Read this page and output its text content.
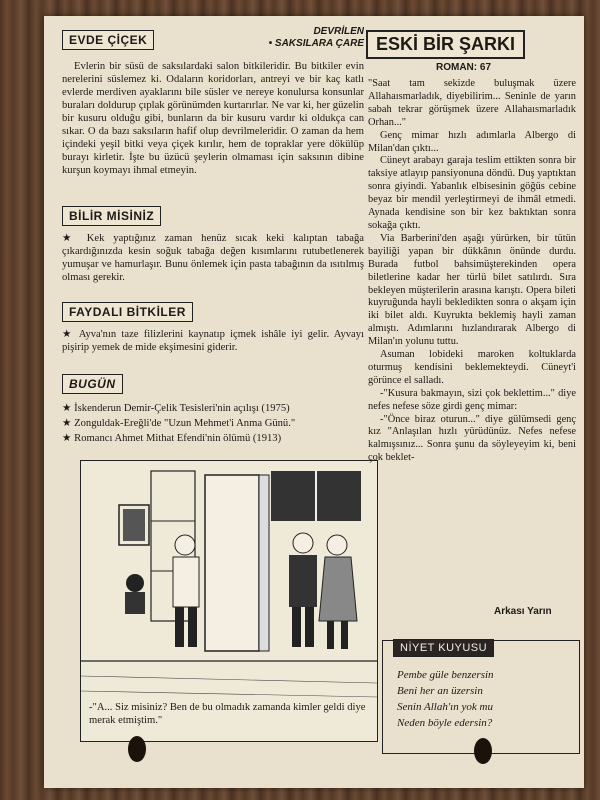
EVDE ÇİÇEK
DEVRİLEN
• SAKSILARA ÇARE
Evlerin bir süsü de saksılardaki salon bitkileridir. Bu bitkiler evin nerelerini süslemez ki. Odaların koridorları, antreyi ve bir kaç katlı evlerde merdiven ayaklarını bile süsler ve nereye konulursa konsunlar buraları doldurup çıplak görünümden kurtarırlar. Ne var ki, her güzelin bir kusuru olduğu gibi, bunların da bir kusuru vardır ki oldukça can sıkar. O da bazı saksıların hafif olup devrilmeleridir. O zaman da hem içindeki yeşil bitki veya çiçek kırılır, hem de topraklar yere dökülüp burayı kirletir. İşte bu üzücü şeylerin olmaması için saksının dibine kurşun koymayı ihmal etmeyin.
BİLİR MİSİNİZ
★ Kek yaptığınız zaman henüz sıcak keki kalıptan tabağa çıkardığınızda kesin soğuk tabağa değen kısımlarını rutubetlenerek yumuşar ve hamurlaşır. Bunu önlemek için pasta tabağının da ısıtılmış olması gerekir.
FAYDALI BİTKİLER
★ Ayva'nın taze filizlerini kaynatıp içmek ishâle iyi gelir. Ayvayı pişirip yemek de mide ekşimesini giderir.
BUGÜN
★ İskenderun Demir-Çelik Tesisleri'nin açılışı (1975)
★ Zonguldak-Ereğli'de "Uzun Mehmet'i Anma Günü."
★ Romancı Ahmet Mithat Efendi'nin ölümü (1913)
-"A... Siz misiniz? Ben de bu olmadık zamanda kimler geldi diye merak etmiştim."
ESKİ BİR ŞARKI
ROMAN: 67

"Saat tam sekizde buluşmak üzere Allahaısmarladık, diyebilirim... Seninle de yarın sabah tekrar görüşmek üzere Allahaısmarladık Orhan..."

Genç mimar hızlı adımlarla Albergo di Milan'dan çıktı...

Cüneyt arabayı garaja teslim ettikten sonra bir taksiye atlayıp pansiyonuna döndü. Duş yaptıktan sonra giyindi. Yabanlık elbisesinin göğüs cebine beyaz bir mendil yerleştirmeyi de ihmâl etmedi. Aynada kendisine son bir kez baktıktan sonra sokağa çıktı.

Via Barberini'den aşağı yürürken, bir tütün bayiliği yapan bir dükkânın önünde durdu. Burada futbol bahsimüşterekinden opera biletlerine kadar her türlü bilet satılırdı. Sıra bekleyen müşterilerin arasına karıştı. Opera bileti kuyruğunda hayli bekledikten sonra o akşam için iki bilet aldı. Kuyrukta beklemiş hayli zaman almıştı. Adımlarını hızlandırarak Albergo di Milan'ın yolunu tuttu.

Asuman lobideki maroken koltuklarda oturmuş kendisini beklemekteydi. Cüneyt'i görünce el salladı.

-"Kusura bakmayın, sizi çok beklettim..." diye nefes nefese söze girdi genç mimar:

-"Önce biraz oturun..." diye gülümsedi genç kız "Anlaşılan hızlı yürüdünüz. Nefes nefese kalmışsınız... Sonra şunu da söyleyeyim ki, beni çok beklet-

Arkası Yarın
NİYET KUYUSU
Pembe güle benzersin
Beni her an üzersin
Senin Allah'ın yok mu
Neden böyle edersin?
